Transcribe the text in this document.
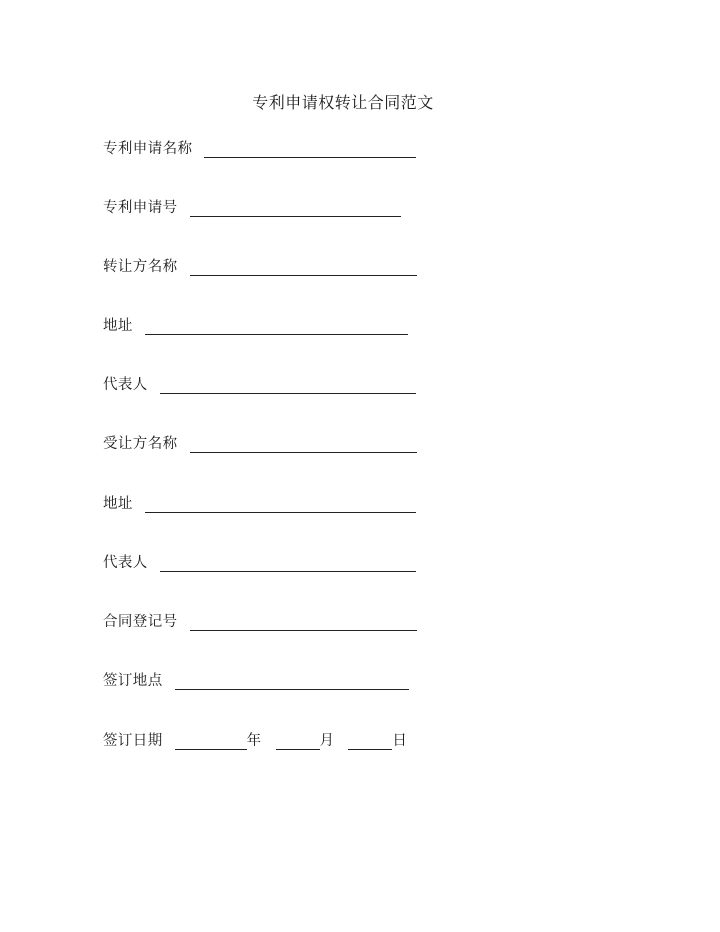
专利申请权转让合同范文
专利申请名称
专利申请号
转让方名称
地址
代表人
受让方名称
地址
代表人
合同登记号
签订地点
签订日期	年	月	日
